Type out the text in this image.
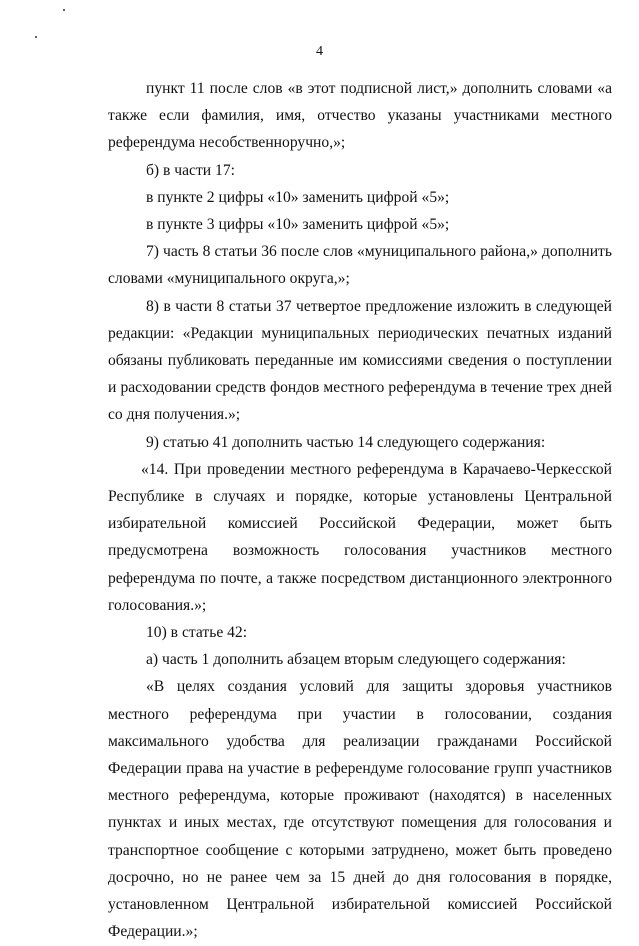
4

пункт 11 после слов «в этот подписной лист,» дополнить словами «а также если фамилия, имя, отчество указаны участниками местного референдума несобственноручно,»;

б) в части 17:

в пункте 2 цифры «10» заменить цифрой «5»;

в пункте 3 цифры «10» заменить цифрой «5»;

7) часть 8 статьи 36 после слов «муниципального района,» дополнить словами «муниципального округа,»;

8) в части 8 статьи 37 четвертое предложение изложить в следующей редакции: «Редакции муниципальных периодических печатных изданий обязаны публиковать переданные им комиссиями сведения о поступлении и расходовании средств фондов местного референдума в течение трех дней со дня получения.»;

9) статью 41 дополнить частью 14 следующего содержания:

«14. При проведении местного референдума в Карачаево-Черкесской Республике в случаях и порядке, которые установлены Центральной избирательной комиссией Российской Федерации, может быть предусмотрена возможность голосования участников местного референдума по почте, а также посредством дистанционного электронного голосования.»;

10) в статье 42:

а) часть 1 дополнить абзацем вторым следующего содержания:

«В целях создания условий для защиты здоровья участников местного референдума при участии в голосовании, создания максимального удобства для реализации гражданами Российской Федерации права на участие в референдуме голосование групп участников местного референдума, которые проживают (находятся) в населенных пунктах и иных местах, где отсутствуют помещения для голосования и транспортное сообщение с которыми затруднено, может быть проведено досрочно, но не ранее чем за 15 дней до дня голосования в порядке, установленном Центральной избирательной комиссией Российской Федерации.»;
